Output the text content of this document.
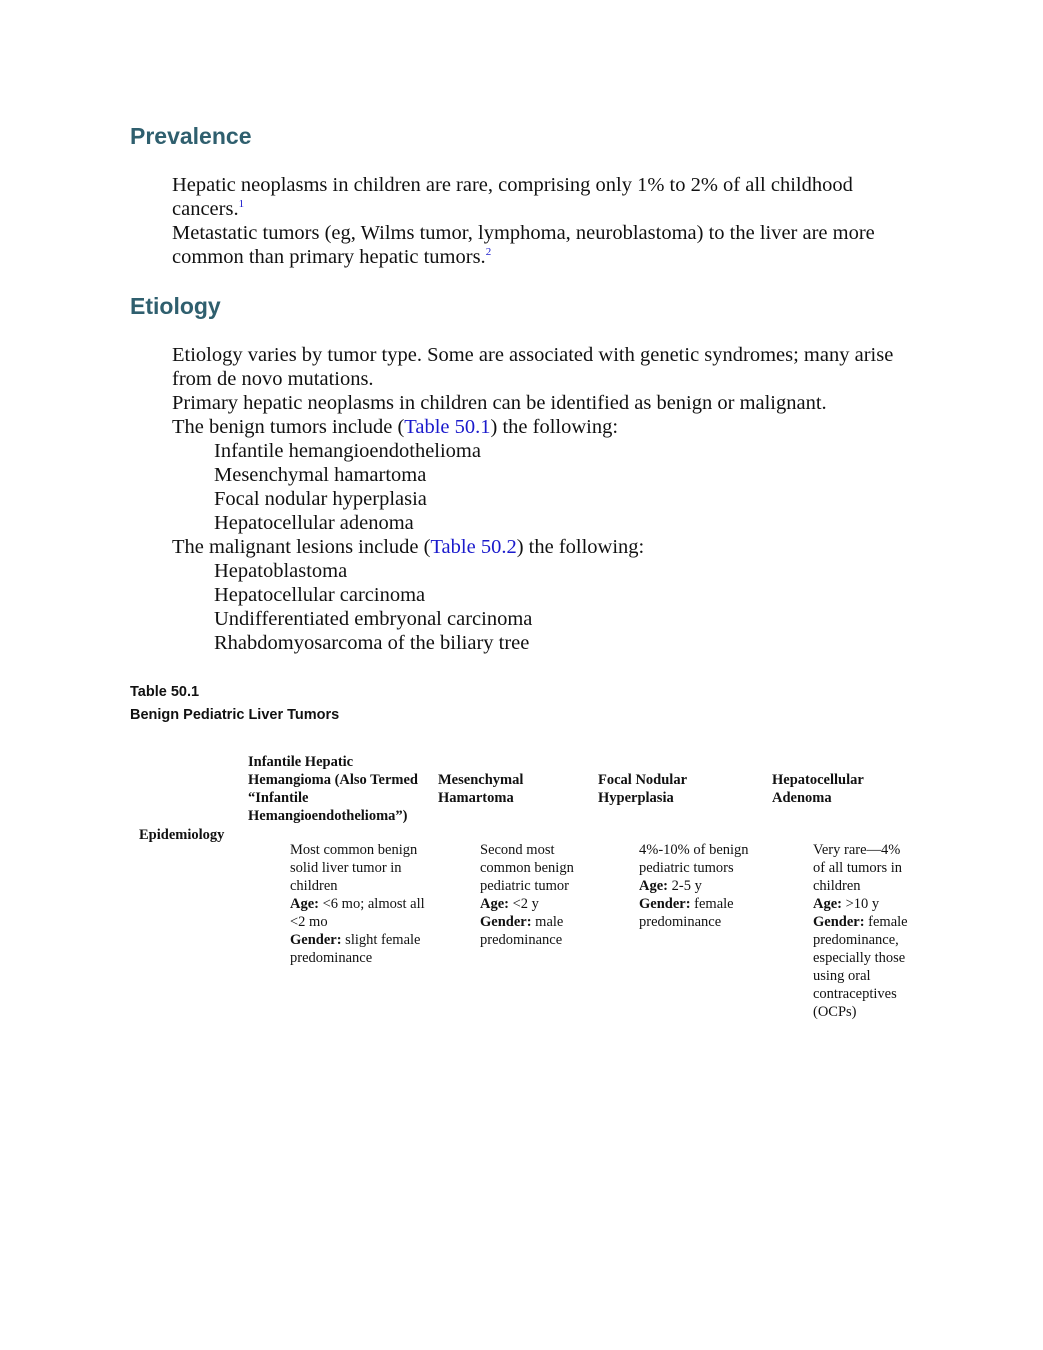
Prevalence

Hepatic neoplasms in children are rare, comprising only 1% to 2% of all childhood cancers.$^1$

Metastatic tumors (eg, Wilms tumor, lymphoma, neuroblastoma) to the liver are more common than primary hepatic tumors.$^2$

Etiology

Etiology varies by tumor type. Some are associated with genetic syndromes; many arise from de novo mutations.

Primary hepatic neoplasms in children can be identified as benign or malignant.

The benign tumors include (Table 50.1) the following:

Infantile hemangioendothelioma
Mesenchymal hamartoma
Focal nodular hyperplasia
Hepatocellular adenoma

The malignant lesions include (Table 50.2) the following:

Hepatoblastoma
Hepatocellular carcinoma
Undifferentiated embryonal carcinoma
Rhabdomyosarcoma of the biliary tree
Table 50.1
Benign Pediatric Liver Tumors
Infantile Hepatic Hemangioma (Also Termed “Infantile Hemangioendothelioma”)
Mesenchymal Hamartoma
Focal Nodular Hyperplasia
Hepatocellular Adenoma
Epidemiology
Most common benign solid liver tumor in children
Age: <6 mo; almost all <2 mo
Gender: slight female predominance
Second most common benign pediatric tumor
Age: <2 y
Gender: male predominance
4%-10% of benign pediatric tumors
Age: 2-5 y
Gender: female predominance
Very rare—4% of all tumors in children
Age: >10 y
Gender: female predominance, especially those using oral contraceptives (OCPs)
